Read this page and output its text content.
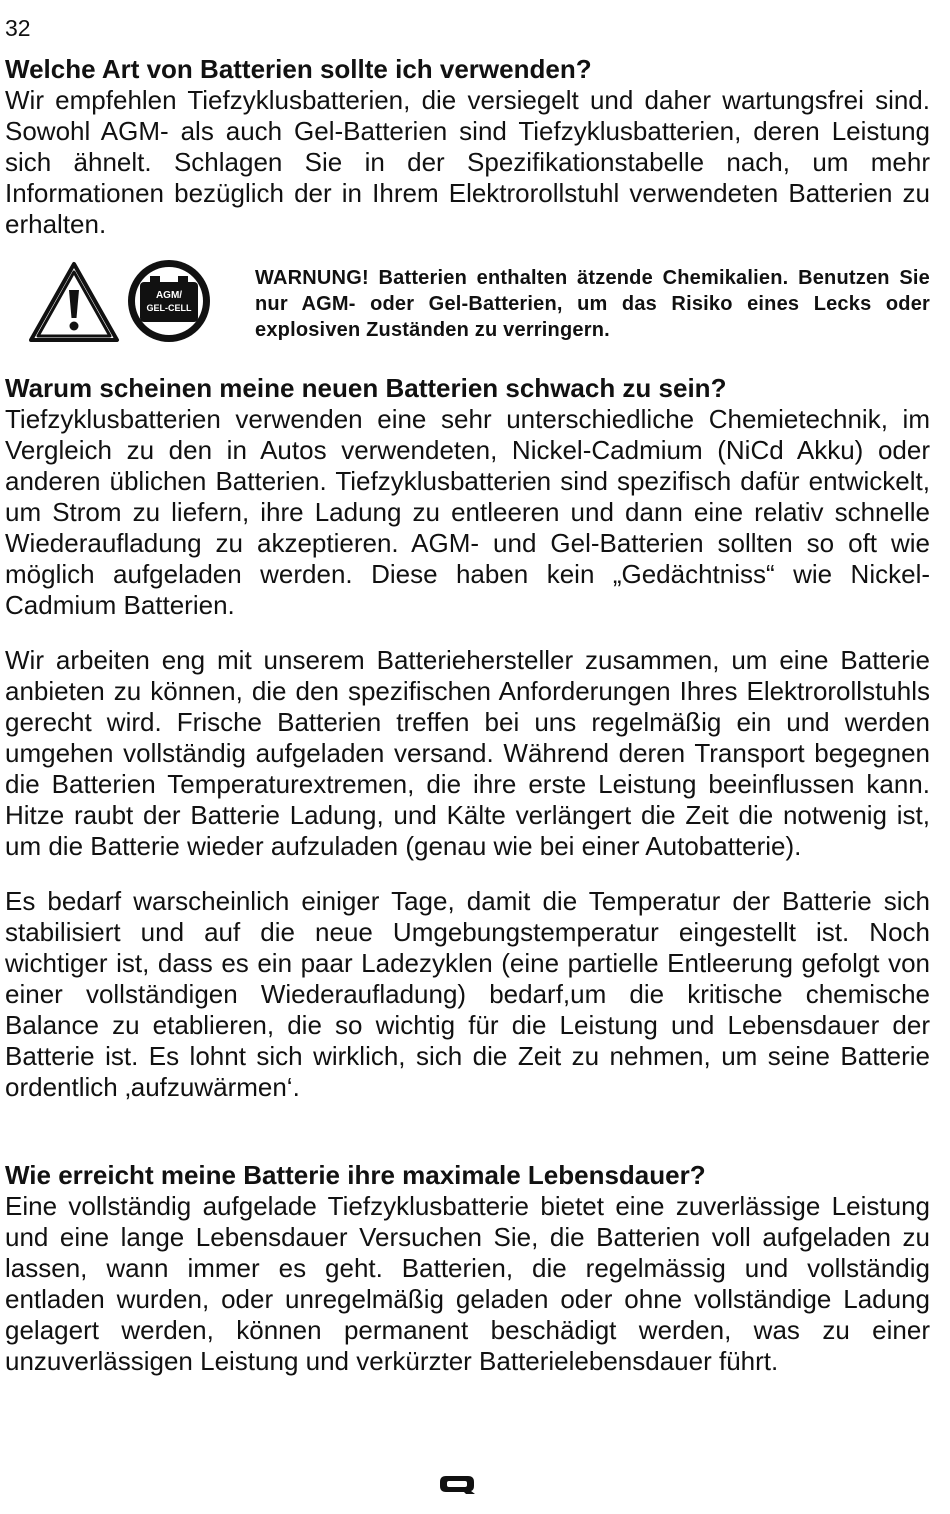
32

Welche Art von Batterien sollte ich verwenden?

Wir empfehlen Tiefzyklusbatterien, die versiegelt und daher wartungsfrei sind. Sowohl AGM- als auch Gel-Batterien sind Tiefzyklusbatterien, deren Leistung sich ähnelt. Schlagen Sie in der Spezifikationstabelle nach, um mehr Informationen bezüglich der in Ihrem Elektrorollstuhl verwendeten Batterien zu erhalten.

AGM/
GEL-CELL
WARNUNG! Batterien enthalten ätzende Chemikalien. Benutzen Sie nur AGM- oder Gel-Batterien, um das Risiko eines Lecks oder explosiven Zuständen zu verringern.

Warum scheinen meine neuen Batterien schwach zu sein?

Tiefzyklusbatterien verwenden eine sehr unterschiedliche Chemietechnik, im Vergleich zu den in Autos verwendeten, Nickel-Cadmium (NiCd Akku) oder anderen üblichen Batterien. Tiefzyklusbatterien sind spezifisch dafür entwickelt, um Strom zu liefern, ihre Ladung zu entleeren und dann eine relativ schnelle Wiederaufladung zu akzeptieren. AGM- und Gel-Batterien sollten so oft wie möglich aufgeladen werden. Diese haben kein „Gedächtniss“ wie Nickel-Cadmium Batterien.

Wir arbeiten eng mit unserem Batteriehersteller zusammen, um eine Batterie anbieten zu können, die den spezifischen Anforderungen Ihres Elektrorollstuhls gerecht wird. Frische Batterien treffen bei uns regelmäßig ein und werden umgehen vollständig aufgeladen versand. Während deren Transport begegnen die Batterien Temperaturextremen, die ihre erste Leistung beeinflussen kann. Hitze raubt der Batterie Ladung, und Kälte verlängert die Zeit die notwenig ist, um die Batterie wieder aufzuladen (genau wie bei einer Autobatterie).

Es bedarf warscheinlich einiger Tage, damit die Temperatur der Batterie sich stabilisiert und auf die neue Umgebungstemperatur eingestellt ist. Noch wichtiger ist, dass es ein paar Ladezyklen (eine partielle Entleerung gefolgt von einer vollständigen Wiederaufladung) bedarf,um die kritische chemische Balance zu etablieren, die so wichtig für die Leistung und Lebensdauer der Batterie ist. Es lohnt sich wirklich, sich die Zeit zu nehmen, um seine Batterie ordentlich ‚aufzuwärmen‘.

Wie erreicht meine Batterie ihre maximale Lebensdauer?

Eine vollständig aufgelade Tiefzyklusbatterie bietet eine zuverlässige Leistung und eine lange Lebensdauer Versuchen Sie, die Batterien voll aufgeladen zu lassen, wann immer es geht. Batterien, die regelmässig und vollständig entladen wurden, oder unregelmäßig geladen oder ohne vollständige Ladung gelagert werden, können permanent beschädigt werden, was zu einer unzuverlässigen Leistung und verkürzter Batterielebensdauer führt.
